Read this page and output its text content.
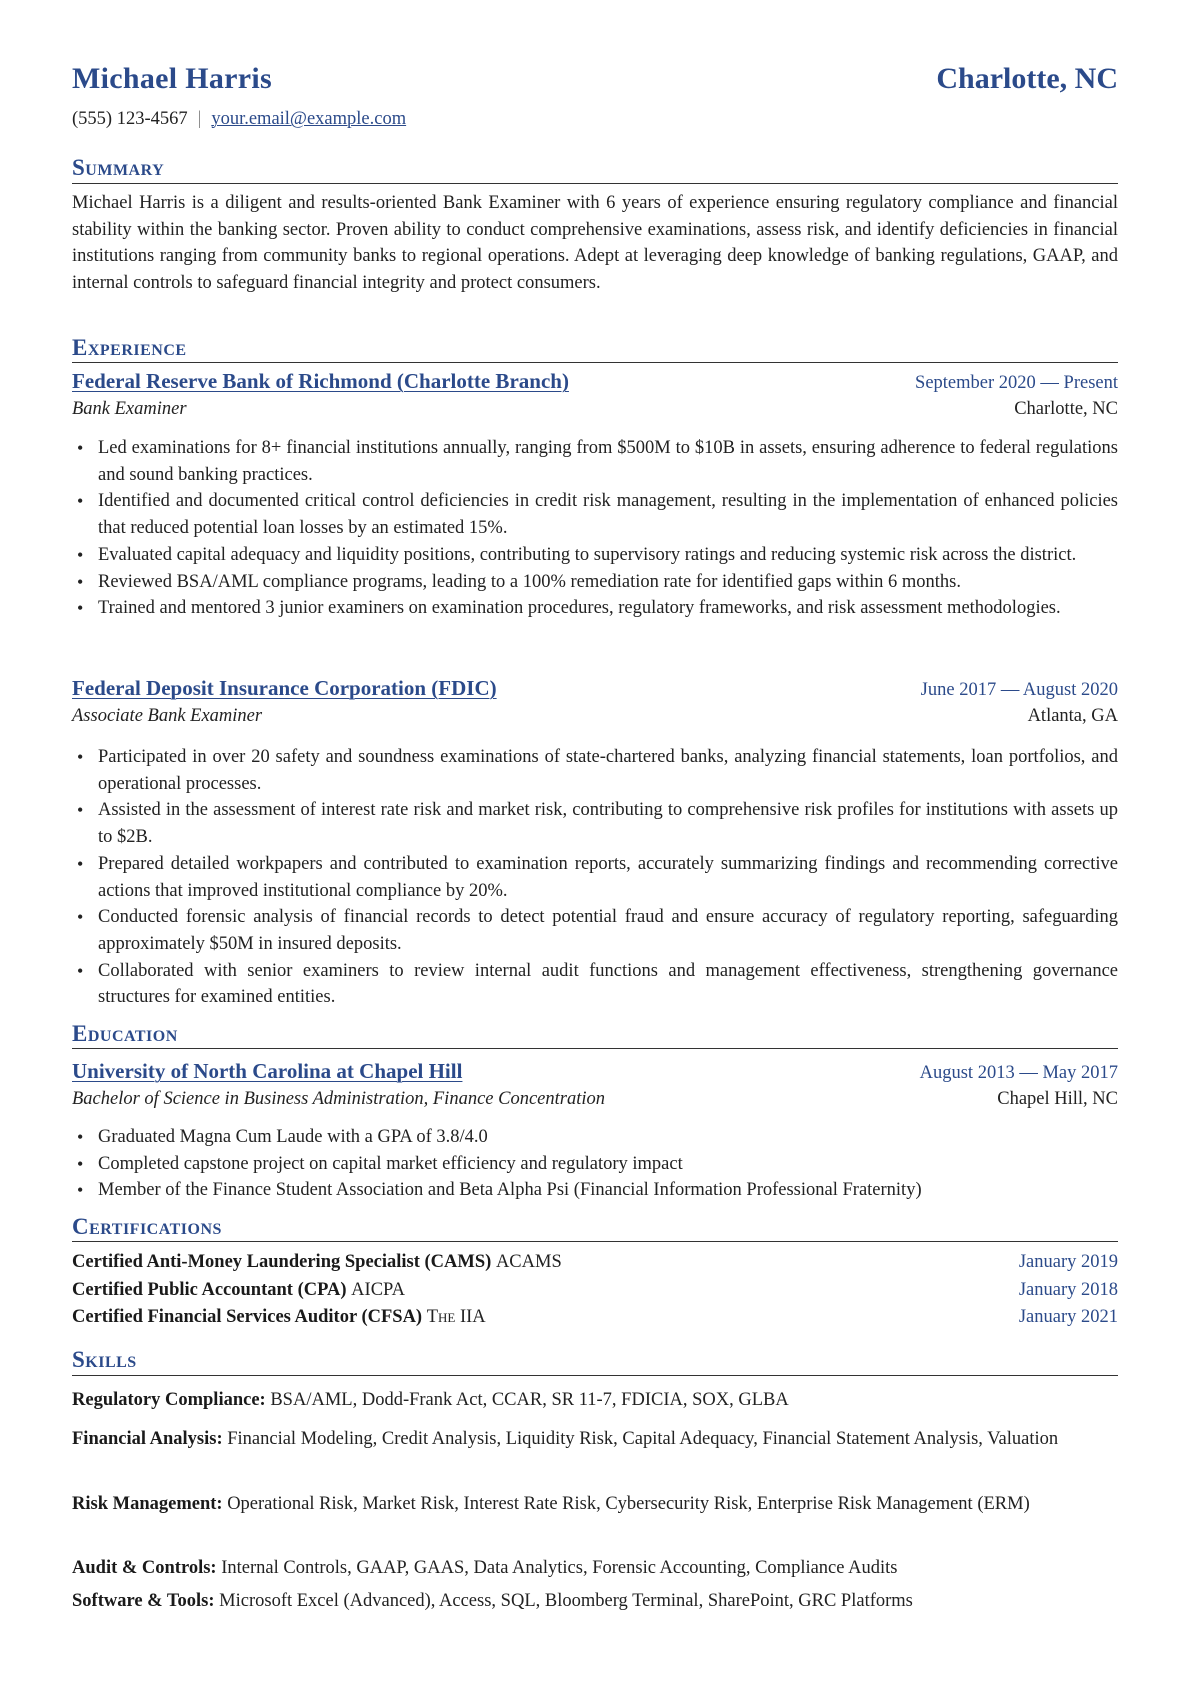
Michael Harris	Charlotte, NC
(555) 123-4567 | your.email@example.com
Summary
Michael Harris is a diligent and results-oriented Bank Examiner with 6 years of experience ensuring regulatory compliance and financial stability within the banking sector. Proven ability to conduct comprehensive examinations, assess risk, and identify deficiencies in financial institutions ranging from community banks to regional operations. Adept at leveraging deep knowledge of banking regulations, GAAP, and internal controls to safeguard financial integrity and protect consumers.
Experience
Federal Reserve Bank of Richmond (Charlotte Branch)	September 2020 — Present
Bank Examiner	Charlotte, NC
• Led examinations for 8+ financial institutions annually, ranging from $500M to $10B in assets, ensuring adherence to federal regulations and sound banking practices.
• Identified and documented critical control deficiencies in credit risk management, resulting in the implementation of enhanced policies that reduced potential loan losses by an estimated 15%.
• Evaluated capital adequacy and liquidity positions, contributing to supervisory ratings and reducing systemic risk across the district.
• Reviewed BSA/AML compliance programs, leading to a 100% remediation rate for identified gaps within 6 months.
• Trained and mentored 3 junior examiners on examination procedures, regulatory frameworks, and risk assessment methodologies.
Federal Deposit Insurance Corporation (FDIC)	June 2017 — August 2020
Associate Bank Examiner	Atlanta, GA
• Participated in over 20 safety and soundness examinations of state-chartered banks, analyzing financial statements, loan portfolios, and operational processes.
• Assisted in the assessment of interest rate risk and market risk, contributing to comprehensive risk profiles for institutions with assets up to $2B.
• Prepared detailed workpapers and contributed to examination reports, accurately summarizing findings and recommending corrective actions that improved institutional compliance by 20%.
• Conducted forensic analysis of financial records to detect potential fraud and ensure accuracy of regulatory reporting, safeguarding approximately $50M in insured deposits.
• Collaborated with senior examiners to review internal audit functions and management effectiveness, strengthening governance structures for examined entities.
Education
University of North Carolina at Chapel Hill	August 2013 — May 2017
Bachelor of Science in Business Administration, Finance Concentration	Chapel Hill, NC
• Graduated Magna Cum Laude with a GPA of 3.8/4.0
• Completed capstone project on capital market efficiency and regulatory impact
• Member of the Finance Student Association and Beta Alpha Psi (Financial Information Professional Fraternity)
Certifications
Certified Anti-Money Laundering Specialist (CAMS) ACAMS	January 2019
Certified Public Accountant (CPA) AICPA	January 2018
Certified Financial Services Auditor (CFSA) The IIA	January 2021
Skills
Regulatory Compliance: BSA/AML, Dodd-Frank Act, CCAR, SR 11-7, FDICIA, SOX, GLBA
Financial Analysis: Financial Modeling, Credit Analysis, Liquidity Risk, Capital Adequacy, Financial Statement Analysis, Valuation
Risk Management: Operational Risk, Market Risk, Interest Rate Risk, Cybersecurity Risk, Enterprise Risk Management (ERM)
Audit & Controls: Internal Controls, GAAP, GAAS, Data Analytics, Forensic Accounting, Compliance Audits
Software & Tools: Microsoft Excel (Advanced), Access, SQL, Bloomberg Terminal, SharePoint, GRC Platforms
